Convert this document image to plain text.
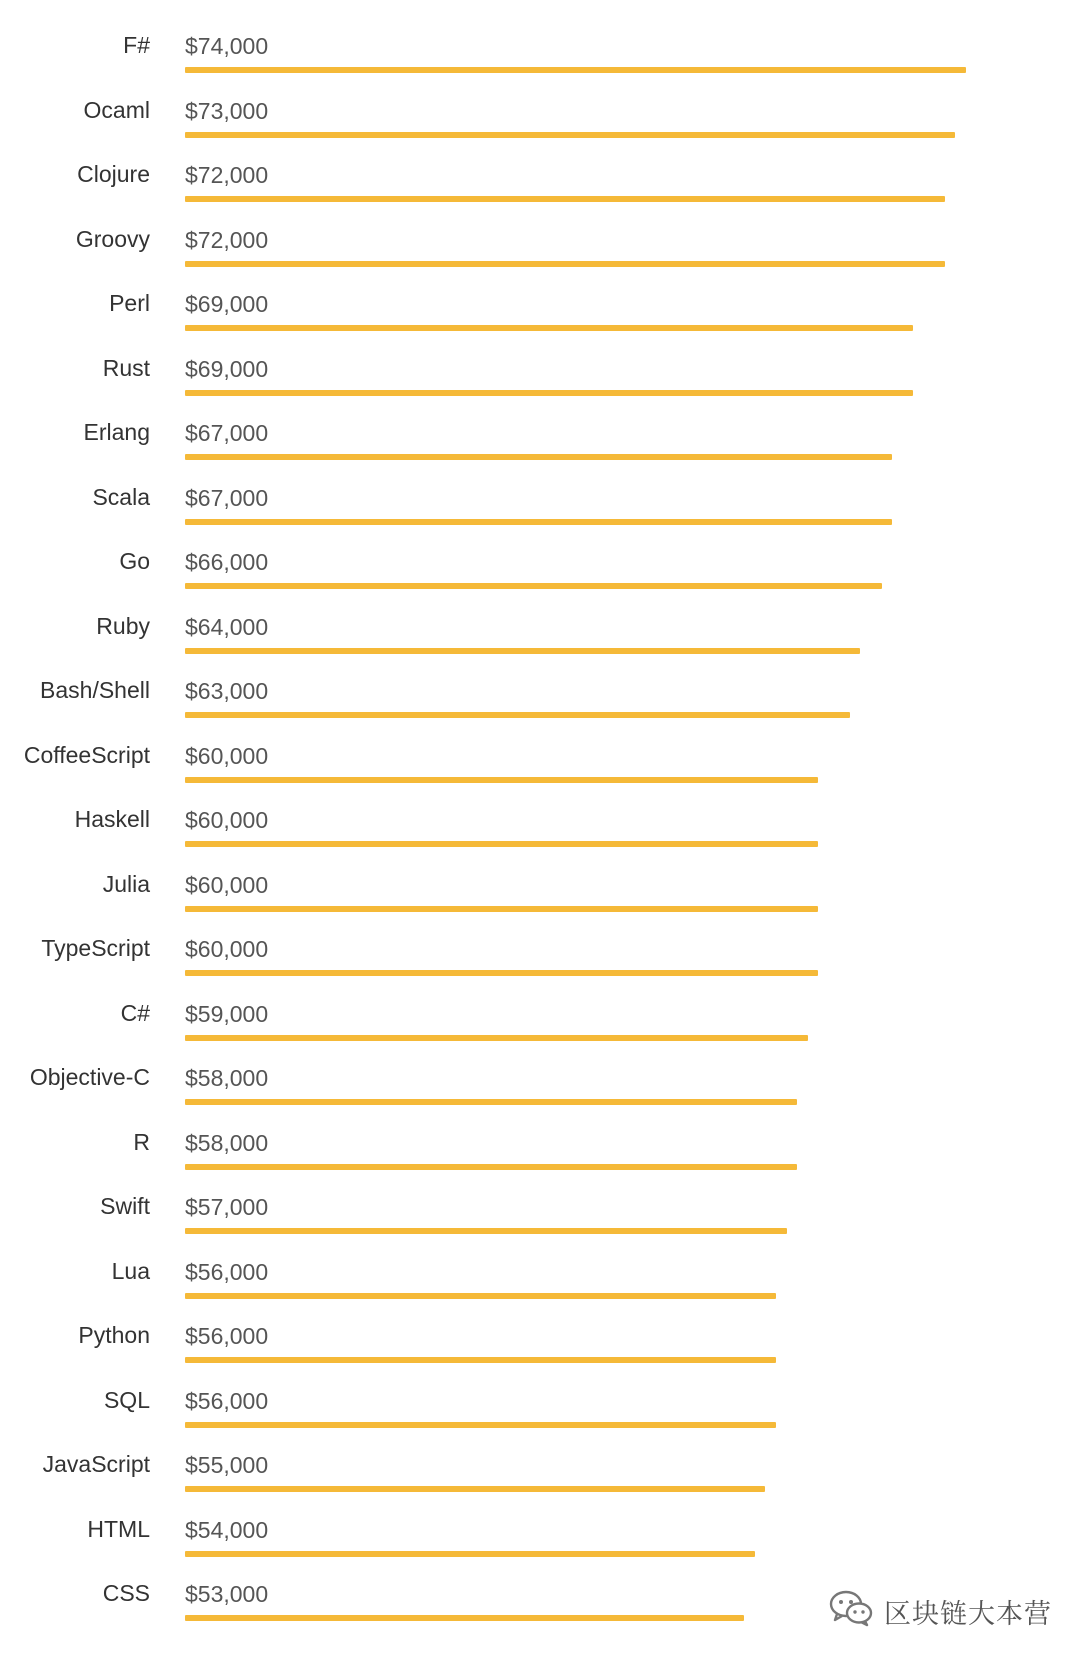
F# $74,000
Ocaml $73,000
Clojure $72,000
Groovy $72,000
Perl $69,000
Rust $69,000
Erlang $67,000
Scala $67,000
Go $66,000
Ruby $64,000
Bash/Shell $63,000
CoffeeScript $60,000
Haskell $60,000
Julia $60,000
TypeScript $60,000
C# $59,000
Objective-C $58,000
R $58,000
Swift $57,000
Lua $56,000
Python $56,000
SQL $56,000
JavaScript $55,000
HTML $54,000
CSS $53,000
区块链大本营
